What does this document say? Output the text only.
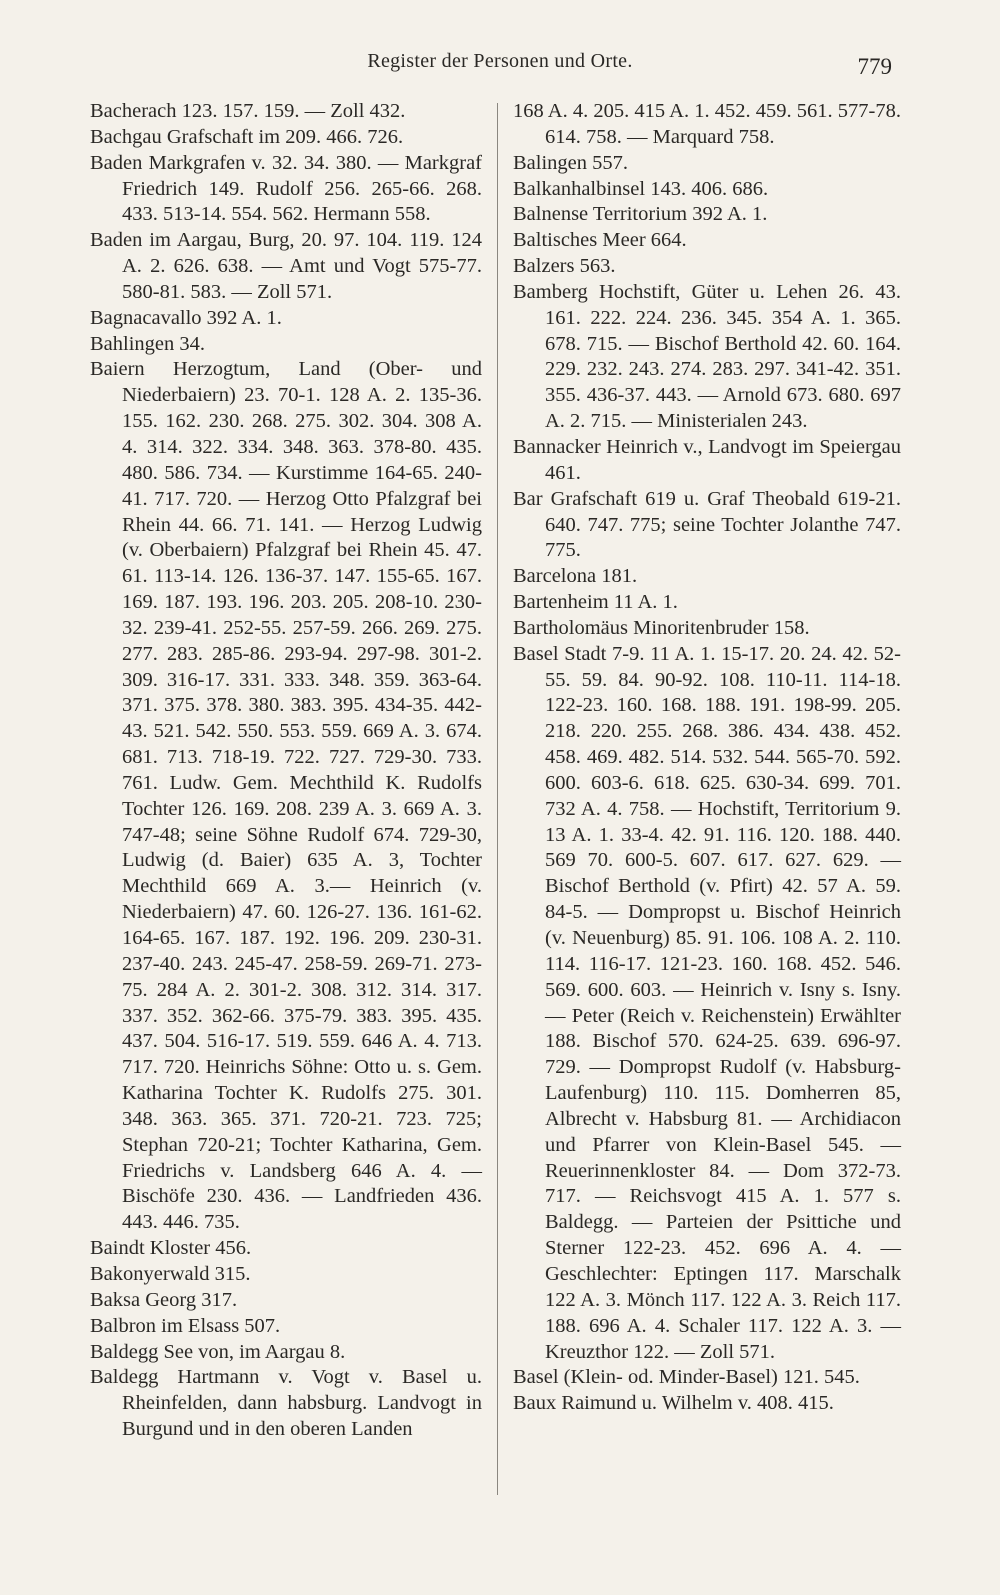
Register der Personen und Orte.	779

Bacherach 123. 157. 159. — Zoll 432.

Bachgau Grafschaft im 209. 466. 726.

Baden Markgrafen v. 32. 34. 380. — Markgraf Friedrich 149. Rudolf 256. 265-66. 268. 433. 513-14. 554. 562. Hermann 558.

Baden im Aargau, Burg, 20. 97. 104. 119. 124 A. 2. 626. 638. — Amt und Vogt 575-77. 580-81. 583. — Zoll 571.

Bagnacavallo 392 A. 1.

Bahlingen 34.

Baiern Herzogtum, Land (Ober- und Niederbaiern) 23. 70-1. 128 A. 2. 135-36. 155. 162. 230. 268. 275. 302. 304. 308 A. 4. 314. 322. 334. 348. 363. 378-80. 435. 480. 586. 734. — Kurstimme 164-65. 240-41. 717. 720. — Herzog Otto Pfalzgraf bei Rhein 44. 66. 71. 141. — Herzog Ludwig (v. Oberbaiern) Pfalzgraf bei Rhein 45. 47. 61. 113-14. 126. 136-37. 147. 155-65. 167. 169. 187. 193. 196. 203. 205. 208-10. 230-32. 239-41. 252-55. 257-59. 266. 269. 275. 277. 283. 285-86. 293-94. 297-98. 301-2. 309. 316-17. 331. 333. 348. 359. 363-64. 371. 375. 378. 380. 383. 395. 434-35. 442-43. 521. 542. 550. 553. 559. 669 A. 3. 674. 681. 713. 718-19. 722. 727. 729-30. 733. 761. Ludw. Gem. Mechthild K. Rudolfs Tochter 126. 169. 208. 239 A. 3. 669 A. 3. 747-48; seine Söhne Rudolf 674. 729-30, Ludwig (d. Baier) 635 A. 3, Tochter Mechthild 669 A. 3.— Heinrich (v. Niederbaiern) 47. 60. 126-27. 136. 161-62. 164-65. 167. 187. 192. 196. 209. 230-31. 237-40. 243. 245-47. 258-59. 269-71. 273-75. 284 A. 2. 301-2. 308. 312. 314. 317. 337. 352. 362-66. 375-79. 383. 395. 435. 437. 504. 516-17. 519. 559. 646 A. 4. 713. 717. 720. Heinrichs Söhne: Otto u. s. Gem. Katharina Tochter K. Rudolfs 275. 301. 348. 363. 365. 371. 720-21. 723. 725; Stephan 720-21; Tochter Katharina, Gem. Friedrichs v. Landsberg 646 A. 4. — Bischöfe 230. 436. — Landfrieden 436. 443. 446. 735.

Baindt Kloster 456.

Bakonyerwald 315.

Baksa Georg 317.

Balbron im Elsass 507.

Baldegg See von, im Aargau 8.

Baldegg Hartmann v. Vogt v. Basel u. Rheinfelden, dann habsburg. Landvogt in Burgund und in den oberen Landen

168 A. 4. 205. 415 A. 1. 452. 459. 561. 577-78. 614. 758. — Marquard 758.

Balingen 557.

Balkanhalbinsel 143. 406. 686.

Balnense Territorium 392 A. 1.

Baltisches Meer 664.

Balzers 563.

Bamberg Hochstift, Güter u. Lehen 26. 43. 161. 222. 224. 236. 345. 354 A. 1. 365. 678. 715. — Bischof Berthold 42. 60. 164. 229. 232. 243. 274. 283. 297. 341-42. 351. 355. 436-37. 443. — Arnold 673. 680. 697 A. 2. 715. — Ministerialen 243.

Bannacker Heinrich v., Landvogt im Speiergau 461.

Bar Grafschaft 619 u. Graf Theobald 619-21. 640. 747. 775; seine Tochter Jolanthe 747. 775.

Barcelona 181.

Bartenheim 11 A. 1.

Bartholomäus Minoritenbruder 158.

Basel Stadt 7-9. 11 A. 1. 15-17. 20. 24. 42. 52-55. 59. 84. 90-92. 108. 110-11. 114-18. 122-23. 160. 168. 188. 191. 198-99. 205. 218. 220. 255. 268. 386. 434. 438. 452. 458. 469. 482. 514. 532. 544. 565-70. 592. 600. 603-6. 618. 625. 630-34. 699. 701. 732 A. 4. 758. — Hochstift, Territorium 9. 13 A. 1. 33-4. 42. 91. 116. 120. 188. 440. 569 70. 600-5. 607. 617. 627. 629. — Bischof Berthold (v. Pfirt) 42. 57 A. 59. 84-5. — Dompropst u. Bischof Heinrich (v. Neuenburg) 85. 91. 106. 108 A. 2. 110. 114. 116-17. 121-23. 160. 168. 452. 546. 569. 600. 603. — Heinrich v. Isny s. Isny. — Peter (Reich v. Reichenstein) Erwählter 188. Bischof 570. 624-25. 639. 696-97. 729. — Dompropst Rudolf (v. Habsburg-Laufenburg) 110. 115. Domherren 85, Albrecht v. Habsburg 81. — Archidiacon und Pfarrer von Klein-Basel 545. — Reuerinnenkloster 84. — Dom 372-73. 717. — Reichsvogt 415 A. 1. 577 s. Baldegg. — Parteien der Psittiche und Sterner 122-23. 452. 696 A. 4. — Geschlechter: Eptingen 117. Marschalk 122 A. 3. Mönch 117. 122 A. 3. Reich 117. 188. 696 A. 4. Schaler 117. 122 A. 3. — Kreuzthor 122. — Zoll 571.

Basel (Klein- od. Minder-Basel) 121. 545.

Baux Raimund u. Wilhelm v. 408. 415.
